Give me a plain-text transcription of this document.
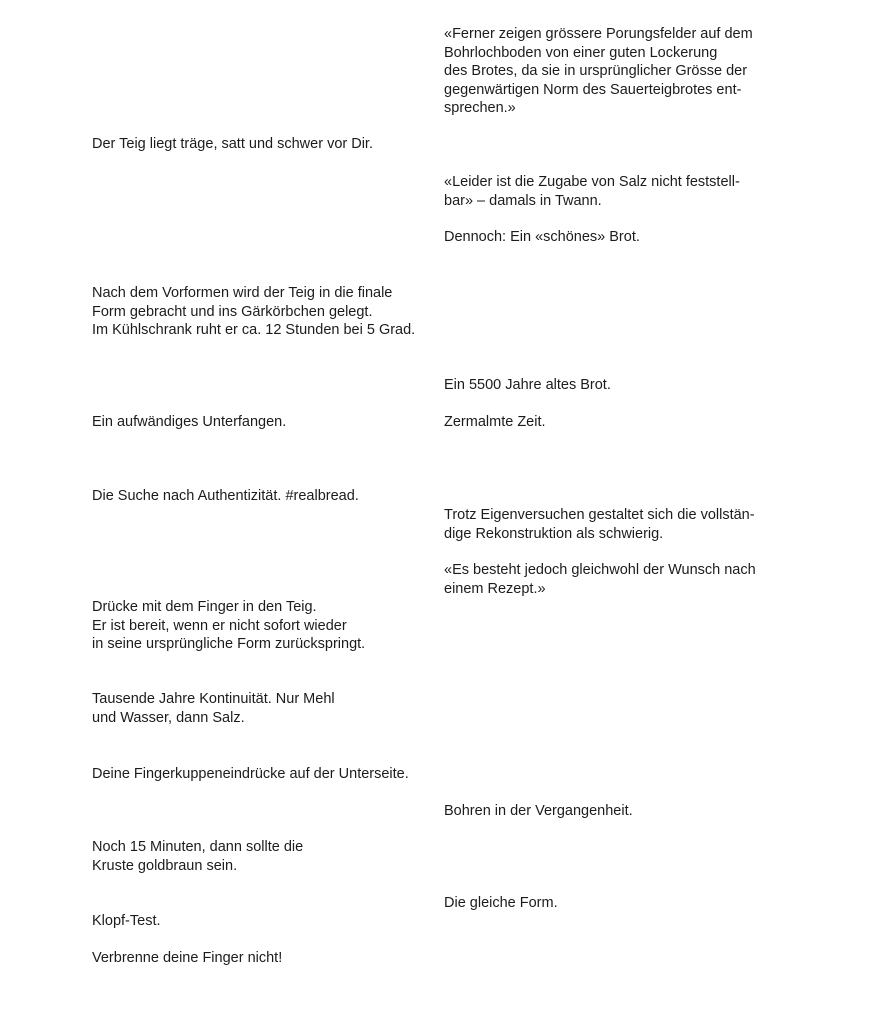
Der Teig liegt träge, satt und schwer vor Dir.

Nach dem Vorformen wird der Teig in die finale
Form gebracht und ins Gärkörbchen gelegt.
Im Kühlschrank ruht er ca. 12 Stunden bei 5 Grad.

Ein aufwändiges Unterfangen.

Die Suche nach Authentizität. #realbread.

Drücke mit dem Finger in den Teig.
Er ist bereit, wenn er nicht sofort wieder
in seine ursprüngliche Form zurückspringt.

Tausende Jahre Kontinuität. Nur Mehl
und Wasser, dann Salz.

Deine Fingerkuppeneindrücke auf der Unterseite.

Noch 15 Minuten, dann sollte die
Kruste goldbraun sein.

Klopf-Test.

Verbrenne deine Finger nicht!

«Ferner zeigen grössere Porungsfelder auf dem
Bohrlochboden von einer guten Lockerung
des Brotes, da sie in ursprünglicher Grösse der
gegenwärtigen Norm des Sauerteigbrotes ent-
sprechen.»

«Leider ist die Zugabe von Salz nicht feststell-
bar» – damals in Twann.

Dennoch: Ein «schönes» Brot.

Ein 5500 Jahre altes Brot.

Zermalmte Zeit.

Trotz Eigenversuchen gestaltet sich die vollstän-
dige Rekonstruktion als schwierig.

«Es besteht jedoch gleichwohl der Wunsch nach
einem Rezept.»

Bohren in der Vergangenheit.

Die gleiche Form.
